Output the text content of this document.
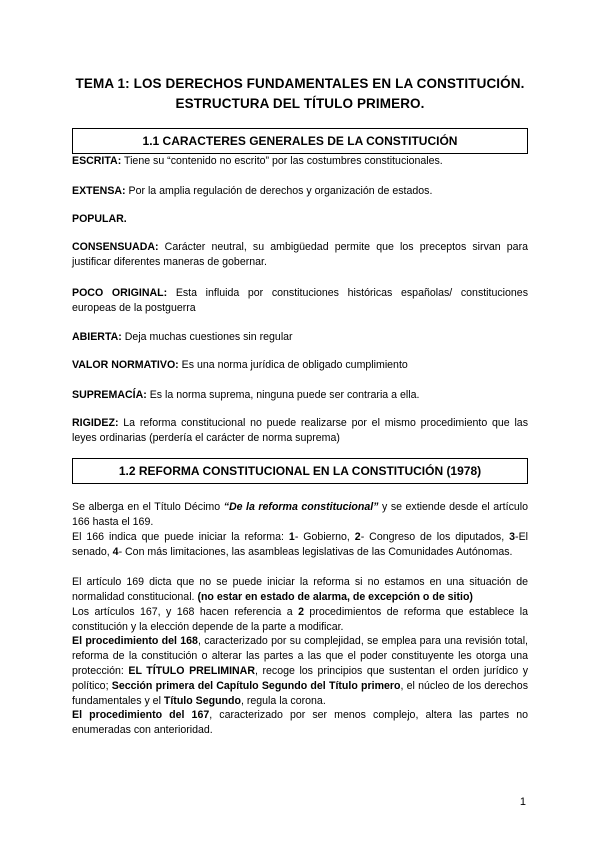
TEMA 1: LOS DERECHOS FUNDAMENTALES EN LA CONSTITUCIÓN. ESTRUCTURA DEL TÍTULO PRIMERO.
1.1 CARACTERES GENERALES DE LA CONSTITUCIÓN
ESCRITA: Tiene su “contenido no escrito” por las costumbres constitucionales.
EXTENSA: Por la amplia regulación de derechos y organización de estados.
POPULAR.
CONSENSUADA: Carácter neutral, su ambigüedad permite que los preceptos sirvan para justificar diferentes maneras de gobernar.
POCO ORIGINAL: Esta influida por constituciones históricas españolas/ constituciones europeas de la postguerra
ABIERTA: Deja muchas cuestiones sin regular
VALOR NORMATIVO: Es una norma jurídica de obligado cumplimiento
SUPREMACÍA: Es la norma suprema, ninguna puede ser contraria a ella.
RIGIDEZ: La reforma constitucional no puede realizarse por el mismo procedimiento que las leyes ordinarias (perdería el carácter de norma suprema)
1.2 REFORMA CONSTITUCIONAL EN LA CONSTITUCIÓN (1978)
Se alberga en el Título Décimo “De la reforma constitucional” y se extiende desde el artículo 166 hasta el 169.
El 166 indica que puede iniciar la reforma: 1- Gobierno, 2- Congreso de los diputados, 3-El senado, 4- Con más limitaciones, las asambleas legislativas de las Comunidades Autónomas.
El artículo 169 dicta que no se puede iniciar la reforma si no estamos en una situación de normalidad constitucional. (no estar en estado de alarma, de excepción o de sitio)
Los artículos 167, y 168 hacen referencia a 2 procedimientos de reforma que establece la constitución y la elección depende de la parte a modificar.
El procedimiento del 168, caracterizado por su complejidad, se emplea para una revisión total, reforma de la constitución o alterar las partes a las que el poder constituyente les otorga una protección: EL TÍTULO PRELIMINAR, recoge los principios que sustentan el orden jurídico y político; Sección primera del Capítulo Segundo del Título primero, el núcleo de los derechos fundamentales y el Título Segundo, regula la corona.
El procedimiento del 167, caracterizado por ser menos complejo, altera las partes no enumeradas con anterioridad.
1
